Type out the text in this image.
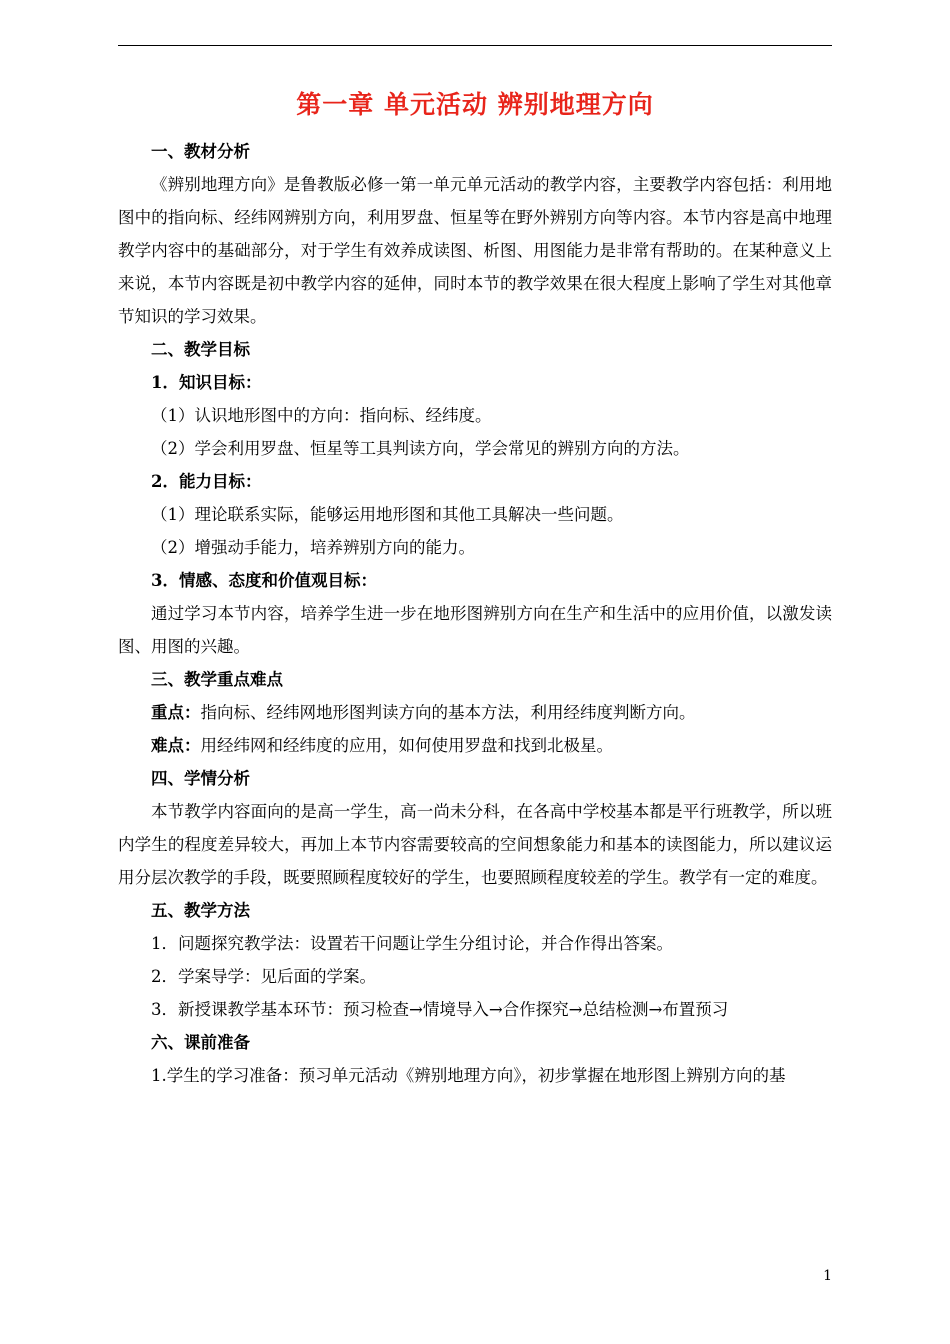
第一章 单元活动 辨别地理方向

一、教材分析

《辨别地理方向》是鲁教版必修一第一单元单元活动的教学内容，主要教学内容包括：利用地图中的指向标、经纬网辨别方向，利用罗盘、恒星等在野外辨别方向等内容。本节内容是高中地理教学内容中的基础部分，对于学生有效养成读图、析图、用图能力是非常有帮助的。在某种意义上来说，本节内容既是初中教学内容的延伸，同时本节的教学效果在很大程度上影响了学生对其他章节知识的学习效果。

二、教学目标

1．知识目标：

（1）认识地形图中的方向：指向标、经纬度。

（2）学会利用罗盘、恒星等工具判读方向，学会常见的辨别方向的方法。

2．能力目标：

（1）理论联系实际，能够运用地形图和其他工具解决一些问题。

（2）增强动手能力，培养辨别方向的能力。

3．情感、态度和价值观目标：

通过学习本节内容，培养学生进一步在地形图辨别方向在生产和生活中的应用价值，以激发读图、用图的兴趣。

三、教学重点难点

重点：指向标、经纬网地形图判读方向的基本方法，利用经纬度判断方向。

难点：用经纬网和经纬度的应用，如何使用罗盘和找到北极星。

四、学情分析

本节教学内容面向的是高一学生，高一尚未分科，在各高中学校基本都是平行班教学，所以班内学生的程度差异较大，再加上本节内容需要较高的空间想象能力和基本的读图能力，所以建议运用分层次教学的手段，既要照顾程度较好的学生，也要照顾程度较差的学生。教学有一定的难度。

五、教学方法

1．问题探究教学法：设置若干问题让学生分组讨论，并合作得出答案。

2．学案导学：见后面的学案。

3．新授课教学基本环节：预习检查→情境导入→合作探究→总结检测→布置预习

六、课前准备

1.学生的学习准备：预习单元活动《辨别地理方向》，初步掌握在地形图上辨别方向的基

1
